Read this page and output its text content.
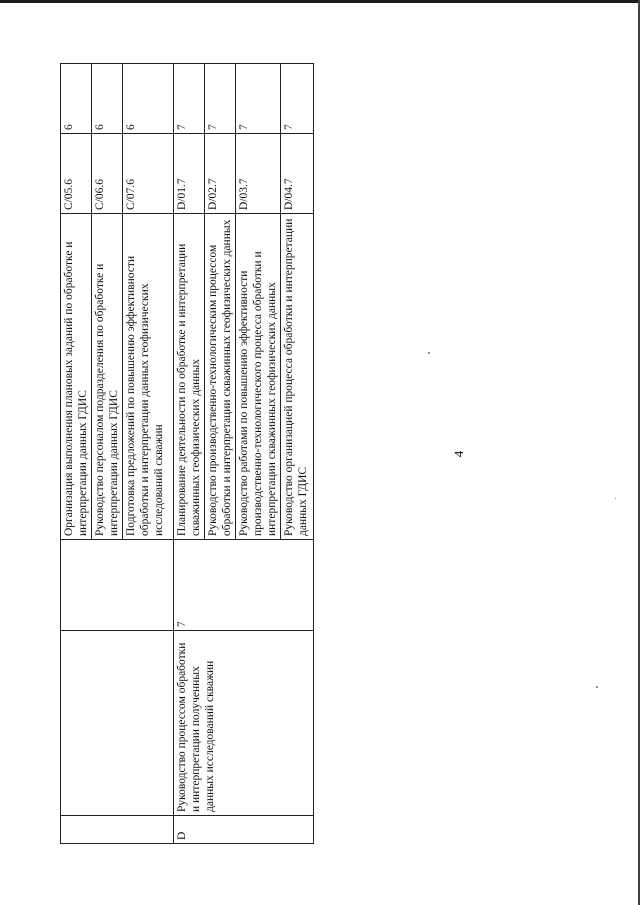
4
			Организация выполнения плановых заданий по обработке и интерпретации данных ГДИС	C/05.6	6
			Руководство персоналом подразделения по обработке и интерпретации данных ГДИС	C/06.6	6
			Подготовка предложений по повышению эффективности обработки и интерпретации данных геофизических исследований скважин	C/07.6	6
D	Руководство процессом обработки и интерпретации полученных данных исследований скважин	7	Планирование деятельности по обработке и интерпретации скважинных геофизических данных	D/01.7	7
			Руководство производственно-технологическим процессом обработки и интерпретации скважинных геофизических данных	D/02.7	7
			Руководство работами по повышению эффективности производственно-технологического процесса обработки и интерпретации скважинных геофизических данных	D/03.7	7
			Руководство организацией процесса обработки и интерпретации данных ГДИС	D/04.7	7
